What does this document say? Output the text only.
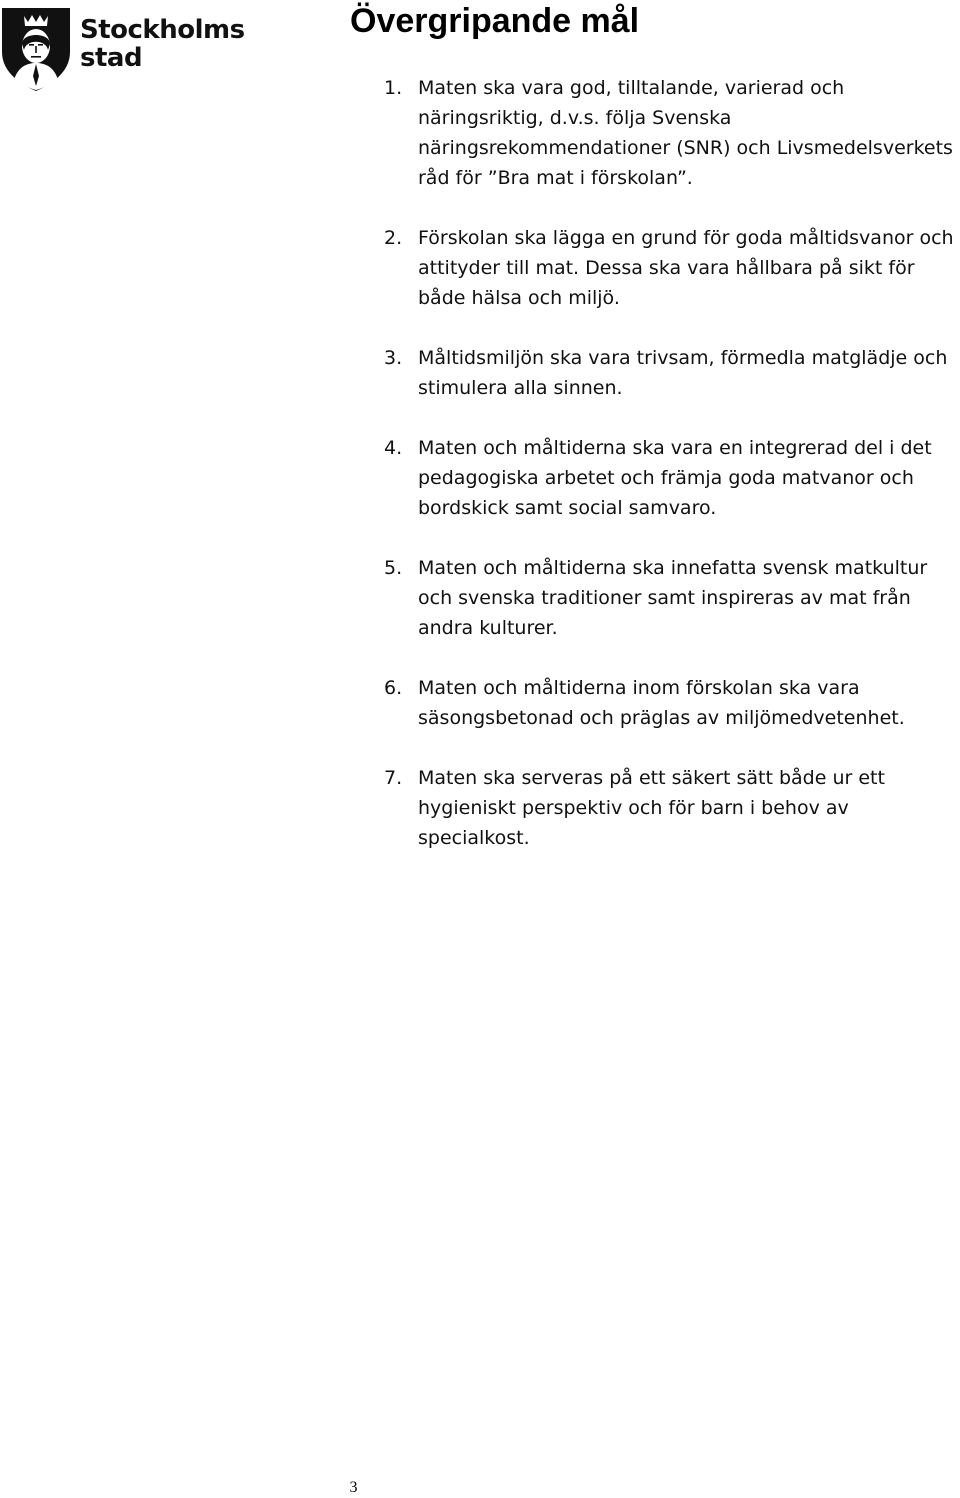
Stockholms
stad
Övergripande mål
1. Maten ska vara god, tilltalande, varierad och näringsriktig, d.v.s. följa Svenska näringsrekommendationer (SNR) och Livsmedelsverkets råd för ”Bra mat i förskolan”.
2. Förskolan ska lägga en grund för goda måltidsvanor och attityder till mat. Dessa ska vara hållbara på sikt för både hälsa och miljö.
3. Måltidsmiljön ska vara trivsam, förmedla matglädje och stimulera alla sinnen.
4. Maten och måltiderna ska vara en integrerad del i det pedagogiska arbetet och främja goda matvanor och bordskick samt social samvaro.
5. Maten och måltiderna ska innefatta svensk matkultur och svenska traditioner samt inspireras av mat från andra kulturer.
6. Maten och måltiderna inom förskolan ska vara säsongsbetonad och präglas av miljömedvetenhet.
7. Maten ska serveras på ett säkert sätt både ur ett hygieniskt perspektiv och för barn i behov av specialkost.
3
